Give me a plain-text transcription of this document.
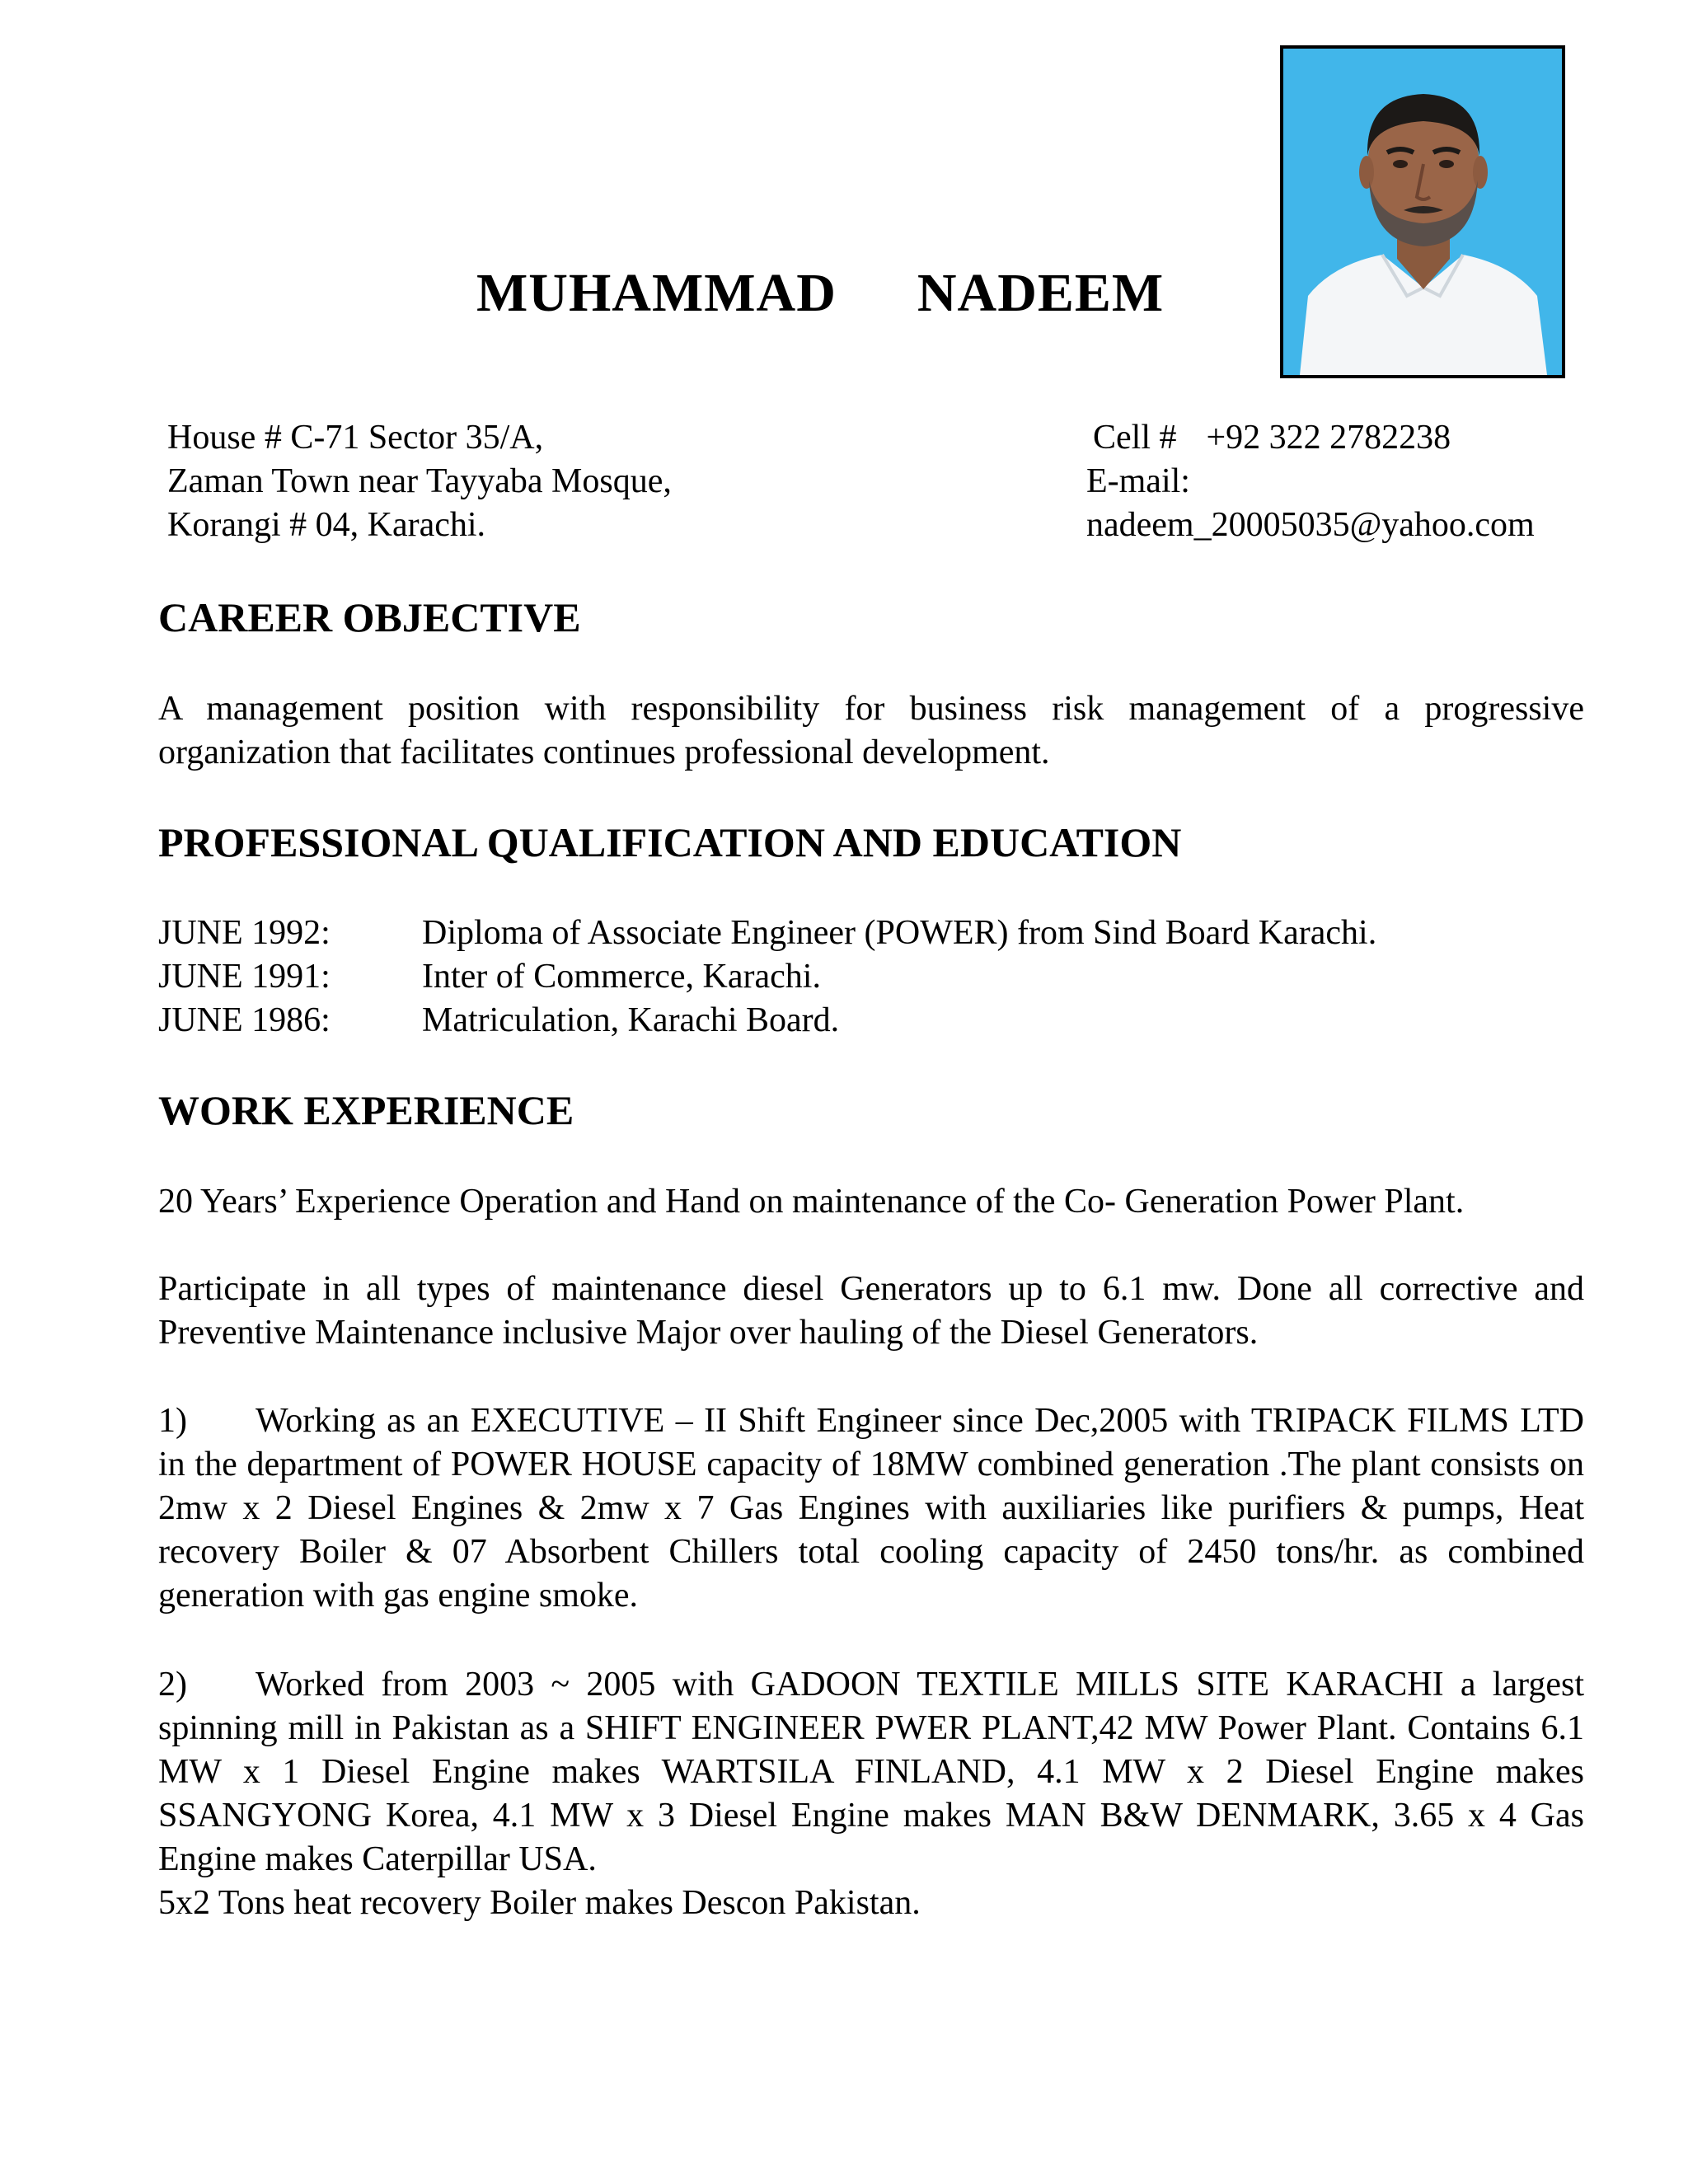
MUHAMMAD NADEEM
House # C-71 Sector 35/A,
Zaman Town near Tayyaba Mosque,
Korangi # 04, Karachi.
Cell # +92 322 2782238
E-mail:
nadeem_20005035@yahoo.com
CAREER OBJECTIVE
A management position with responsibility for business risk management of a progressive organization that facilitates continues professional development.
PROFESSIONAL QUALIFICATION AND EDUCATION
JUNE 1992:	Diploma of Associate Engineer (POWER) from Sind Board Karachi.
JUNE 1991:	Inter of Commerce, Karachi.
JUNE 1986:	Matriculation, Karachi Board.
WORK EXPERIENCE
20 Years’ Experience Operation and Hand on maintenance of the Co- Generation Power Plant.
Participate in all types of maintenance diesel Generators up to 6.1 mw. Done all corrective and Preventive Maintenance inclusive Major over hauling of the Diesel Generators.
1) Working as an EXECUTIVE – II Shift Engineer since Dec,2005 with TRIPACK FILMS LTD in the department of POWER HOUSE capacity of 18MW combined generation .The plant consists on 2mw x 2 Diesel Engines & 2mw x 7 Gas Engines with auxiliaries like purifiers & pumps, Heat recovery Boiler & 07 Absorbent Chillers total cooling capacity of 2450 tons/hr. as combined generation with gas engine smoke.
2) Worked from 2003 ~ 2005 with GADOON TEXTILE MILLS SITE KARACHI a largest spinning mill in Pakistan as a SHIFT ENGINEER PWER PLANT,42 MW Power Plant. Contains 6.1 MW x 1 Diesel Engine makes WARTSILA FINLAND, 4.1 MW x 2 Diesel Engine makes SSANGYONG Korea, 4.1 MW x 3 Diesel Engine makes MAN B&W DENMARK, 3.65 x 4 Gas Engine makes Caterpillar USA.
5x2 Tons heat recovery Boiler makes Descon Pakistan.
